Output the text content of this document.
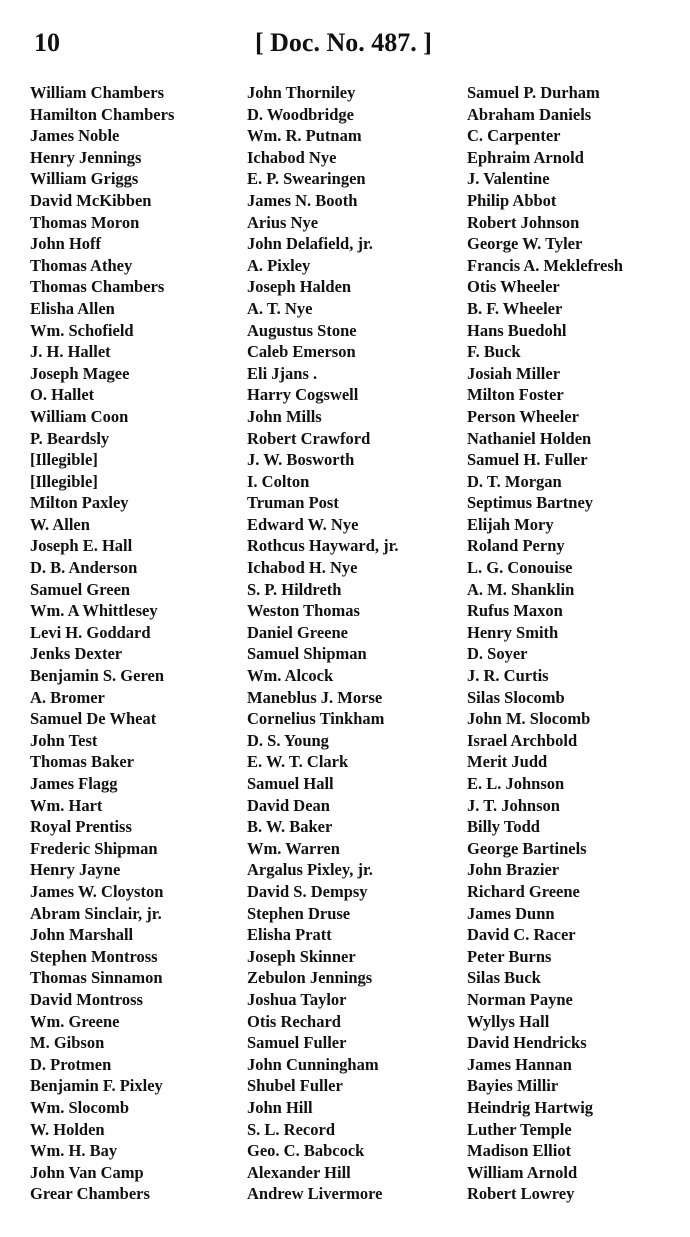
10	[ Doc. No. 487. ]
William Chambers
Hamilton Chambers
James Noble
Henry Jennings
William Griggs
David McKibben
Thomas Moron
John Hoff
Thomas Athey
Thomas Chambers
Elisha Allen
Wm. Schofield
J. H. Hallet
Joseph Magee
O. Hallet
William Coon
P. Beardsly
[Illegible]
[Illegible]
Milton Paxley
W. Allen
Joseph E. Hall
D. B. Anderson
Samuel Green
Wm. A Whittlesey
Levi H. Goddard
Jenks Dexter
Benjamin S. Geren
A. Bromer
Samuel De Wheat
John Test
Thomas Baker
James Flagg
Wm. Hart
Royal Prentiss
Frederic Shipman
Henry Jayne
James W. Cloyston
Abram Sinclair, jr.
John Marshall
Stephen Montross
Thomas Sinnamon
David Montross
Wm. Greene
M. Gibson
D. Protmen
Benjamin F. Pixley
Wm. Slocomb
W. Holden
Wm. H. Bay
John Van Camp
Grear Chambers
John Thorniley
D. Woodbridge
Wm. R. Putnam
Ichabod Nye
E. P. Swearingen
James N. Booth
Arius Nye
John Delafield, jr.
A. Pixley
Joseph Halden
A. T. Nye
Augustus Stone
Caleb Emerson
Eli Jjans .
Harry Cogswell
John Mills
Robert Crawford
J. W. Bosworth
I. Colton
Truman Post
Edward W. Nye
Rothcus Hayward, jr.
Ichabod H. Nye
S. P. Hildreth
Weston Thomas
Daniel Greene
Samuel Shipman
Wm. Alcock
Maneblus J. Morse
Cornelius Tinkham
D. S. Young
E. W. T. Clark
Samuel Hall
David Dean
B. W. Baker
Wm. Warren
Argalus Pixley, jr.
David S. Dempsy
Stephen Druse
Elisha Pratt
Joseph Skinner
Zebulon Jennings
Joshua Taylor
Otis Rechard
Samuel Fuller
John Cunningham
Shubel Fuller
John Hill
S. L. Record
Geo. C. Babcock
Alexander Hill
Andrew Livermore
Samuel P. Durham
Abraham Daniels
C. Carpenter
Ephraim Arnold
J. Valentine
Philip Abbot
Robert Johnson
George W. Tyler
Francis A. Meklefresh
Otis Wheeler
B. F. Wheeler
Hans Buedohl
F. Buck
Josiah Miller
Milton Foster
Person Wheeler
Nathaniel Holden
Samuel H. Fuller
D. T. Morgan
Septimus Bartney
Elijah Mory
Roland Perny
L. G. Conouise
A. M. Shanklin
Rufus Maxon
Henry Smith
D. Soyer
J. R. Curtis
Silas Slocomb
John M. Slocomb
Israel Archbold
Merit Judd
E. L. Johnson
J. T. Johnson
Billy Todd
George Bartinels
John Brazier
Richard Greene
James Dunn
David C. Racer
Peter Burns
Silas Buck
Norman Payne
Wyllys Hall
David Hendricks
James Hannan
Bayies Millir
Heindrig Hartwig
Luther Temple
Madison Elliot
William Arnold
Robert Lowrey
